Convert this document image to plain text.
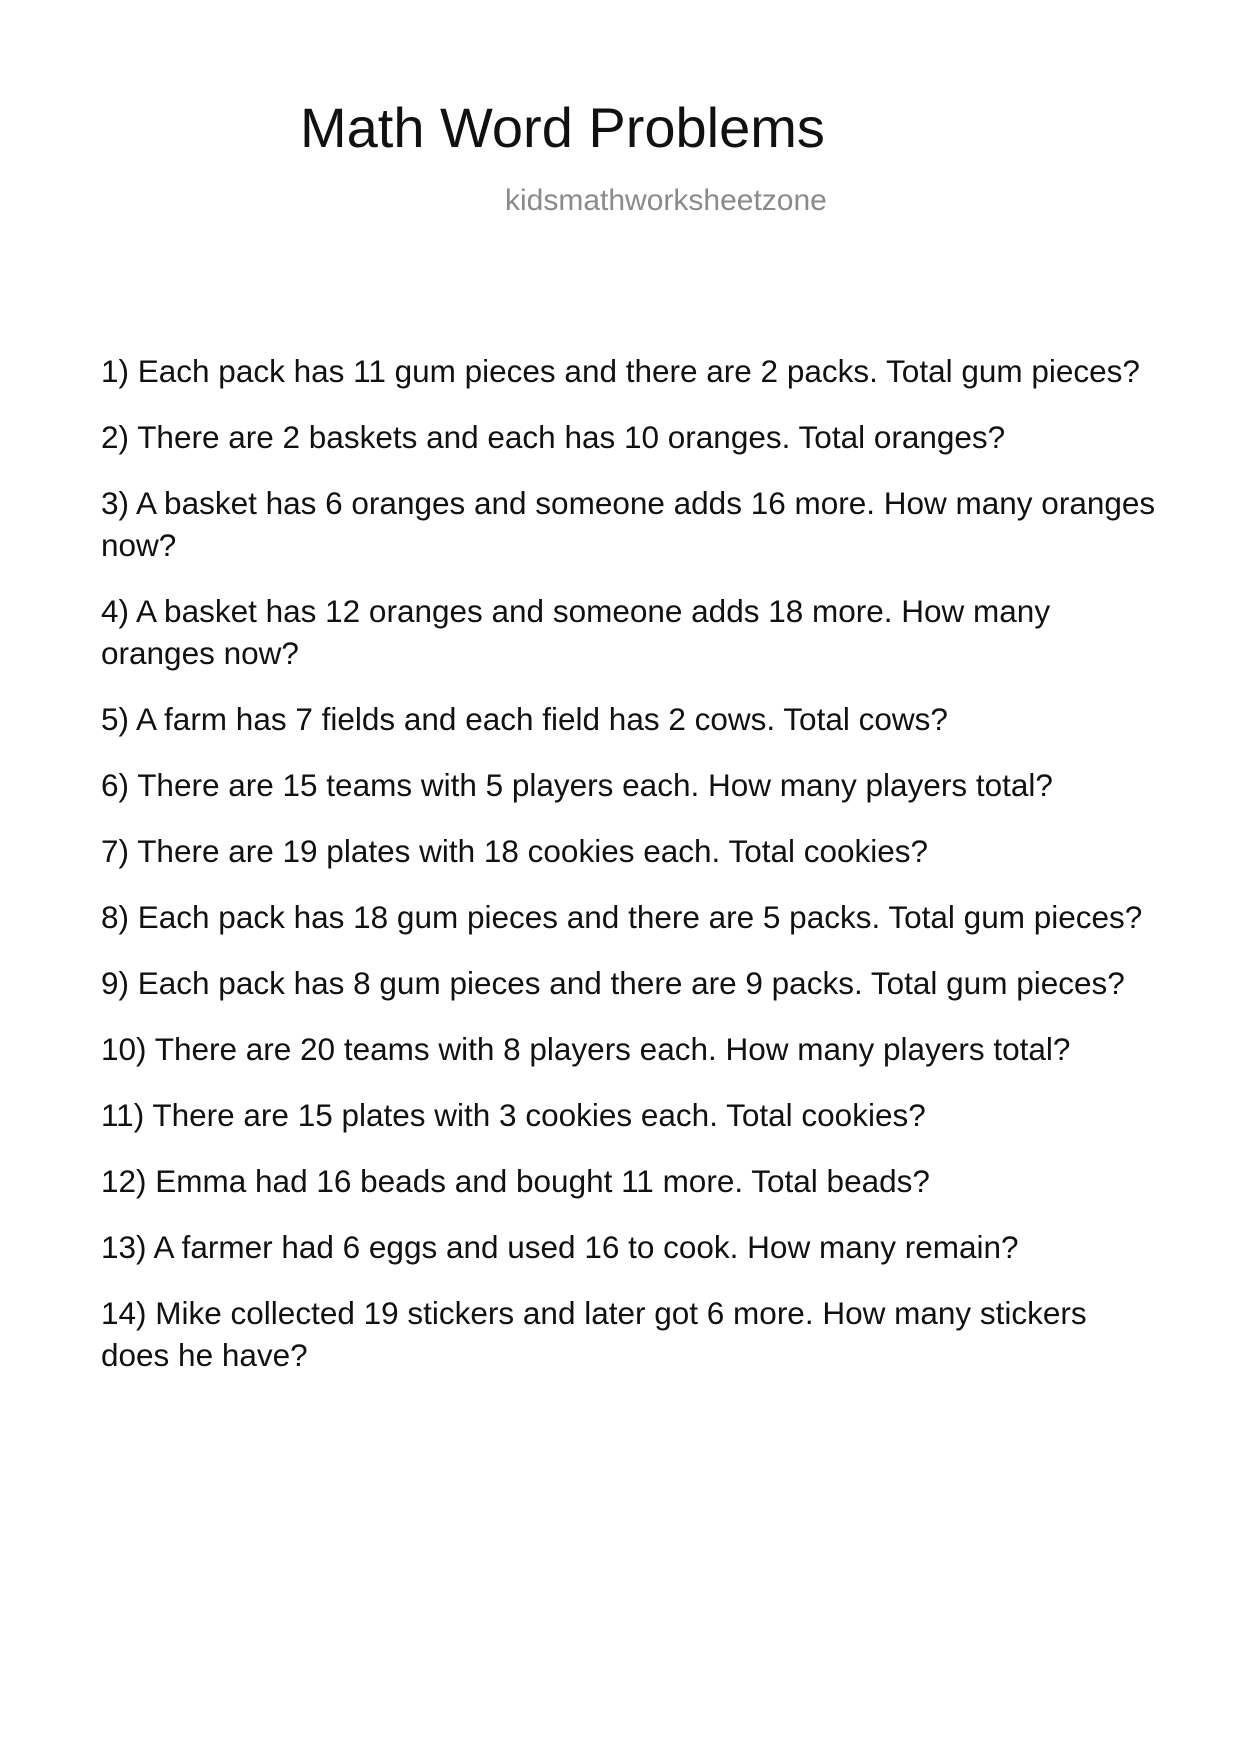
Math Word Problems
kidsmathworksheetzone
1) Each pack has 11 gum pieces and there are 2 packs. Total gum pieces?
2) There are 2 baskets and each has 10 oranges. Total oranges?
3) A basket has 6 oranges and someone adds 16 more. How many oranges now?
4) A basket has 12 oranges and someone adds 18 more. How many oranges now?
5) A farm has 7 fields and each field has 2 cows. Total cows?
6) There are 15 teams with 5 players each. How many players total?
7) There are 19 plates with 18 cookies each. Total cookies?
8) Each pack has 18 gum pieces and there are 5 packs. Total gum pieces?
9) Each pack has 8 gum pieces and there are 9 packs. Total gum pieces?
10) There are 20 teams with 8 players each. How many players total?
11) There are 15 plates with 3 cookies each. Total cookies?
12) Emma had 16 beads and bought 11 more. Total beads?
13) A farmer had 6 eggs and used 16 to cook. How many remain?
14) Mike collected 19 stickers and later got 6 more. How many stickers does he have?
